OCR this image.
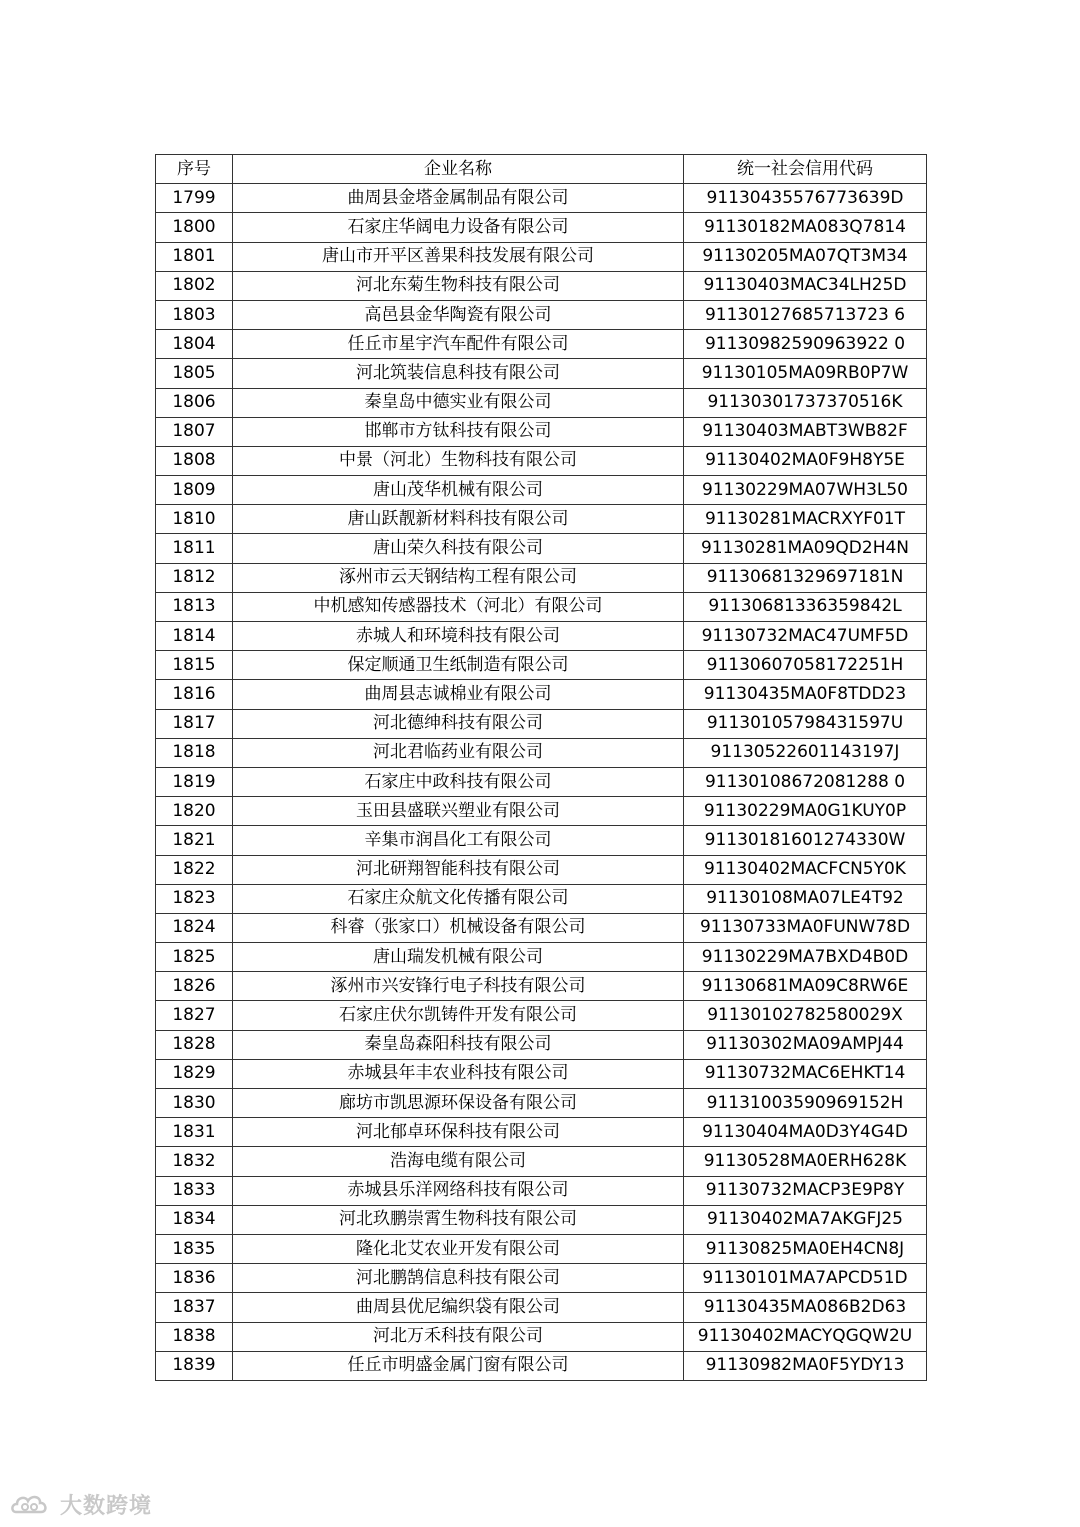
序号	企业名称	统一社会信用代码
1799	曲周县金塔金属制品有限公司	91130435576773639D
1800	石家庄华阔电力设备有限公司	91130182MA083Q7814
1801	唐山市开平区善果科技发展有限公司	91130205MA07QT3M34
1802	河北东菊生物科技有限公司	91130403MAC34LH25D
1803	高邑县金华陶瓷有限公司	91130127685713723 6
1804	任丘市星宇汽车配件有限公司	91130982590963922 0
1805	河北筑装信息科技有限公司	91130105MA09RB0P7W
1806	秦皇岛中德实业有限公司	91130301737370516K
1807	邯郸市方钛科技有限公司	91130403MABT3WB82F
1808	中景（河北）生物科技有限公司	91130402MA0F9H8Y5E
1809	唐山茂华机械有限公司	91130229MA07WH3L50
1810	唐山跃靓新材料科技有限公司	91130281MACRXYF01T
1811	唐山荣久科技有限公司	91130281MA09QD2H4N
1812	涿州市云天钢结构工程有限公司	91130681329697181N
1813	中机感知传感器技术（河北）有限公司	91130681336359842L
1814	赤城人和环境科技有限公司	91130732MAC47UMF5D
1815	保定顺通卫生纸制造有限公司	91130607058172251H
1816	曲周县志诚棉业有限公司	91130435MA0F8TDD23
1817	河北德绅科技有限公司	91130105798431597U
1818	河北君临药业有限公司	91130522601143197J
1819	石家庄中政科技有限公司	91130108672081288 0
1820	玉田县盛联兴塑业有限公司	91130229MA0G1KUY0P
1821	辛集市润昌化工有限公司	91130181601274330W
1822	河北研翔智能科技有限公司	91130402MACFCN5Y0K
1823	石家庄众航文化传播有限公司	91130108MA07LE4T92
1824	科睿（张家口）机械设备有限公司	91130733MA0FUNW78D
1825	唐山瑞发机械有限公司	91130229MA7BXD4B0D
1826	涿州市兴安锋行电子科技有限公司	91130681MA09C8RW6E
1827	石家庄伏尔凯铸件开发有限公司	91130102782580029X
1828	秦皇岛森阳科技有限公司	91130302MA09AMPJ44
1829	赤城县年丰农业科技有限公司	91130732MAC6EHKT14
1830	廊坊市凯思源环保设备有限公司	91131003590969152H
1831	河北郁卓环保科技有限公司	91130404MA0D3Y4G4D
1832	浩海电缆有限公司	91130528MA0ERH628K
1833	赤城县乐洋网络科技有限公司	91130732MACP3E9P8Y
1834	河北玖鹏崇霄生物科技有限公司	91130402MA7AKGFJ25
1835	隆化北艾农业开发有限公司	91130825MA0EH4CN8J
1836	河北鹏鹄信息科技有限公司	91130101MA7APCD51D
1837	曲周县优尼编织袋有限公司	91130435MA086B2D63
1838	河北万禾科技有限公司	91130402MACYQGQW2U
1839	任丘市明盛金属门窗有限公司	91130982MA0F5YDY13
大数跨境
